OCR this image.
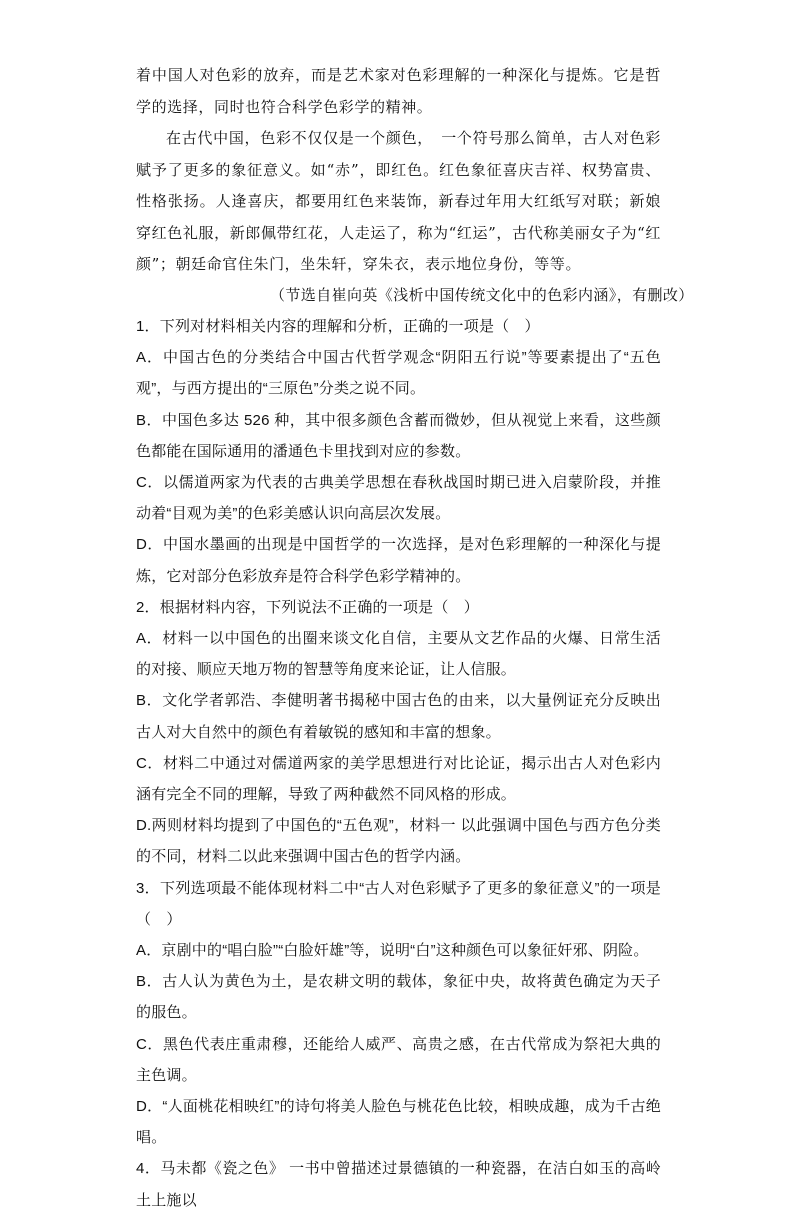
着中国人对色彩的放弃，而是艺术家对色彩理解的一种深化与提炼。它是哲学的选择，同时也符合科学色彩学的精神。

在古代中国，色彩不仅仅是一个颜色，　一个符号那么简单，古人对色彩赋予了更多的象征意义。如“赤”，即红色。红色象征喜庆吉祥、权势富贵、性格张扬。人逢喜庆，都要用红色来装饰，新春过年用大红纸写对联；新娘穿红色礼服，新郎佩带红花，人走运了，称为“红运”，古代称美丽女子为“红颜”；朝廷命官住朱门，坐朱轩，穿朱衣，表示地位身份，等等。

（节选自崔向英《浅析中国传统文化中的色彩内涵》，有删改）

1．下列对材料相关内容的理解和分析，正确的一项是（　）

A．中国古色的分类结合中国古代哲学观念“阴阳五行说”等要素提出了“五色观”，与西方提出的“三原色”分类之说不同。

B．中国色多达 526 种，其中很多颜色含蓄而微妙，但从视觉上来看，这些颜色都能在国际通用的潘通色卡里找到对应的参数。

C．以儒道两家为代表的古典美学思想在春秋战国时期已进入启蒙阶段，并推动着“目观为美”的色彩美感认识向高层次发展。

D．中国水墨画的出现是中国哲学的一次选择，是对色彩理解的一种深化与提炼，它对部分色彩放弃是符合科学色彩学精神的。

2．根据材料内容，下列说法不正确的一项是（　）

A．材料一以中国色的出圈来谈文化自信，主要从文艺作品的火爆、日常生活的对接、顺应天地万物的智慧等角度来论证，让人信服。

B．文化学者郭浩、李健明著书揭秘中国古色的由来，以大量例证充分反映出古人对大自然中的颜色有着敏锐的感知和丰富的想象。

C．材料二中通过对儒道两家的美学思想进行对比论证，揭示出古人对色彩内涵有完全不同的理解，导致了两种截然不同风格的形成。

D.两则材料均提到了中国色的“五色观”，材料一 以此强调中国色与西方色分类的不同，材料二以此来强调中国古色的哲学内涵。

3．下列选项最不能体现材料二中“古人对色彩赋予了更多的象征意义”的一项是（　）

A．京剧中的“唱白脸”“白脸奸雄”等，说明“白”这种颜色可以象征奸邪、阴险。

B．古人认为黄色为土，是农耕文明的载体，象征中央，故将黄色确定为天子的服色。

C．黑色代表庄重肃穆，还能给人威严、高贵之感，在古代常成为祭祀大典的主色调。

D．“人面桃花相映红”的诗句将美人脸色与桃花色比较，相映成趣，成为千古绝唱。

4．马未都《瓷之色》 一书中曾描述过景德镇的一种瓷器，在洁白如玉的高岭土上施以
